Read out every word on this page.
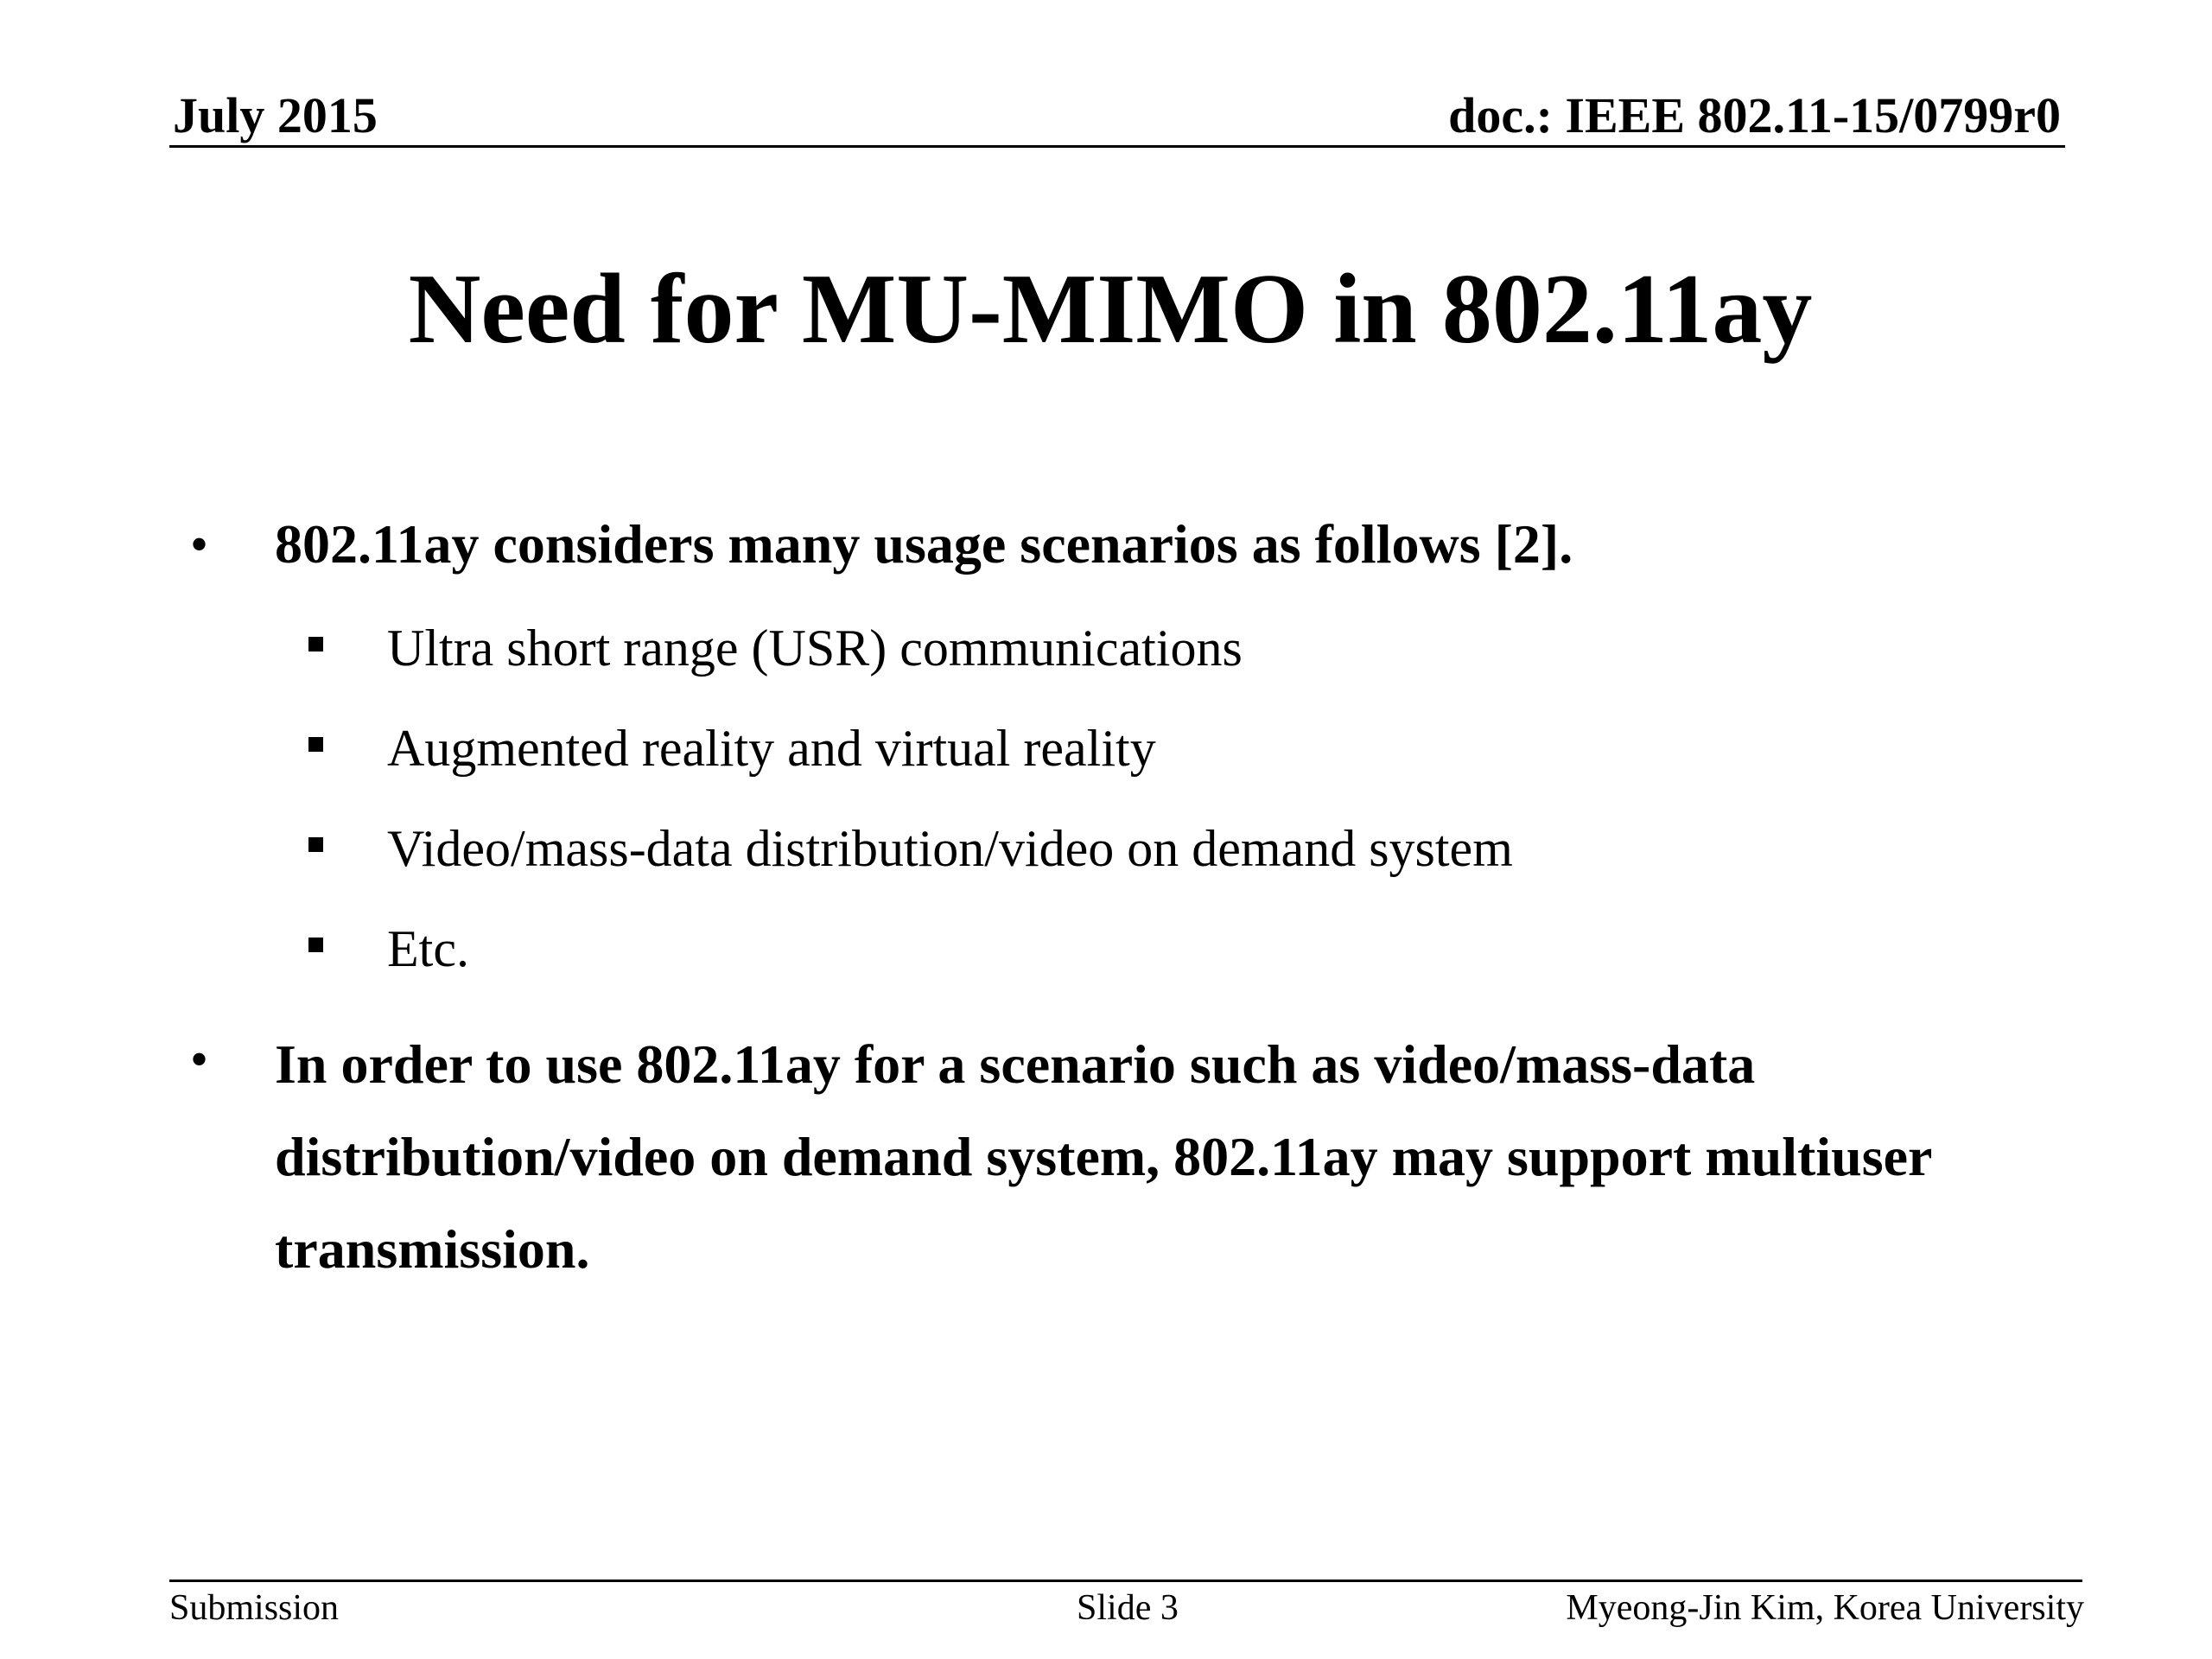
July 2015	doc.: IEEE 802.11-15/0799r0
Need for MU-MIMO in 802.11ay
• 802.11ay considers many usage scenarios as follows [2].
Ultra short range (USR) communications
Augmented reality and virtual reality
Video/mass-data distribution/video on demand system
Etc.
• In order to use 802.11ay for a scenario such as video/mass-data distribution/video on demand system, 802.11ay may support multiuser transmission.
Submission	Slide 3	Myeong-Jin Kim, Korea University
